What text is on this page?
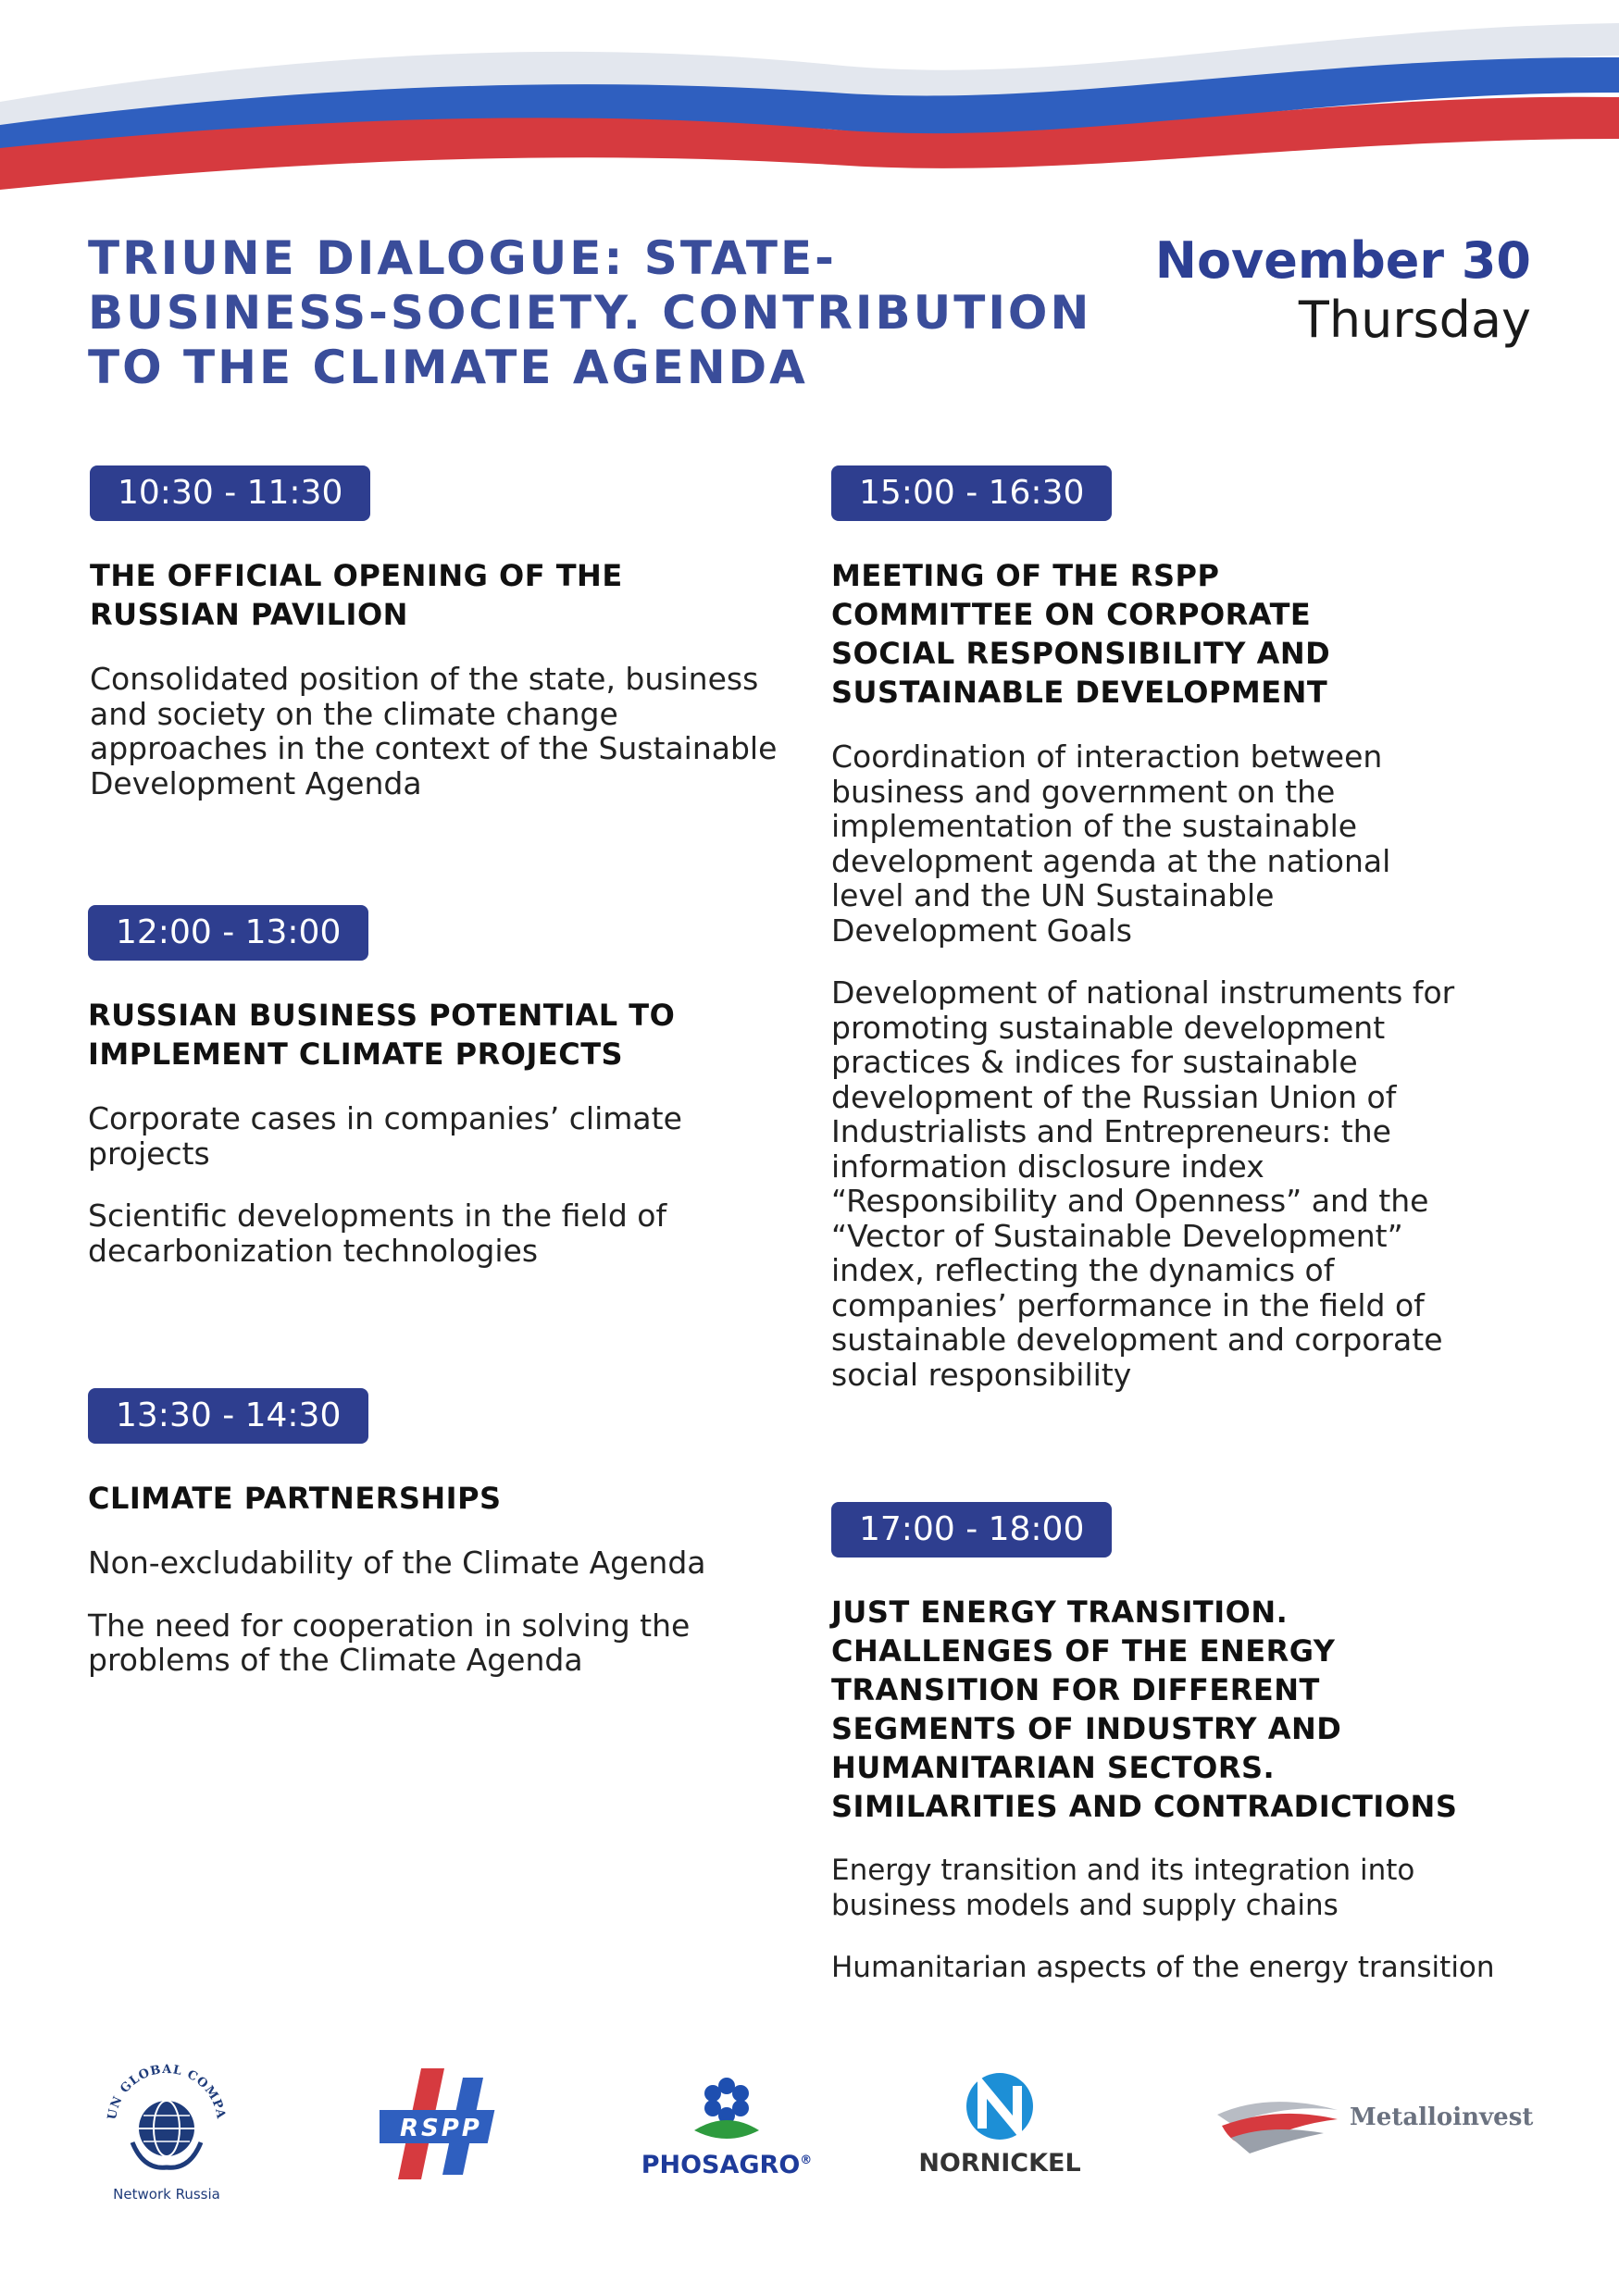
TRIUNE DIALOGUE: STATE-BUSINESS-SOCIETY. CONTRIBUTION TO THE CLIMATE AGENDA
November 30
Thursday
10:30 - 11:30
THE OFFICIAL OPENING OF THE RUSSIAN PAVILION
Consolidated position of the state, business and society on the climate change approaches in the context of the Sustainable Development Agenda
12:00 - 13:00
RUSSIAN BUSINESS POTENTIAL TO IMPLEMENT CLIMATE PROJECTS
Corporate cases in companies’ climate projects
Scientific developments in the field of decarbonization technologies
13:30 - 14:30
CLIMATE PARTNERSHIPS
Non-excludability of the Climate Agenda
The need for cooperation in solving the problems of the Climate Agenda
15:00 - 16:30
MEETING OF THE RSPP COMMITTEE ON CORPORATE SOCIAL RESPONSIBILITY AND SUSTAINABLE DEVELOPMENT
Coordination of interaction between business and government on the implementation of the sustainable development agenda at the national level and the UN Sustainable Development Goals
Development of national instruments for promoting sustainable development practices & indices for sustainable development of the Russian Union of Industrialists and Entrepreneurs: the information disclosure index “Responsibility and Openness” and the “Vector of Sustainable Development” index, reflecting the dynamics of companies’ performance in the field of sustainable development and corporate social responsibility
17:00 - 18:00
JUST ENERGY TRANSITION. CHALLENGES OF THE ENERGY TRANSITION FOR DIFFERENT SEGMENTS OF INDUSTRY AND HUMANITARIAN SECTORS. SIMILARITIES AND CONTRADICTIONS
Energy transition and its integration into business models and supply chains
Humanitarian aspects of the energy transition
UN GLOBAL COMPA
Network Russia
RSPP
PHOSAGRO®	NORNICKEL
Metalloinvest
